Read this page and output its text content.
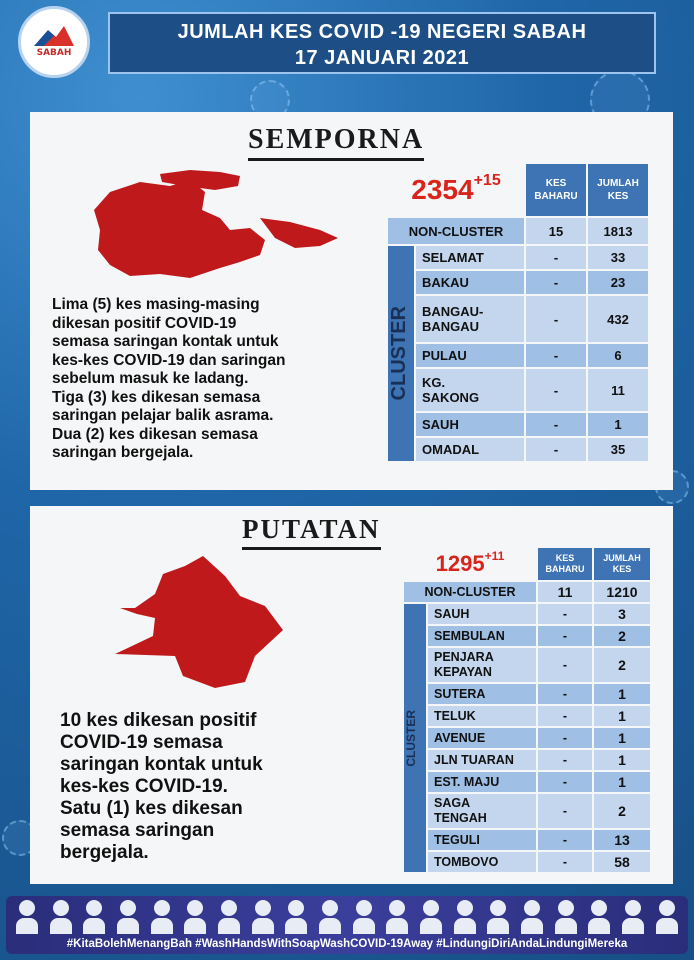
SABAH
JUMLAH KES COVID -19 NEGERI SABAH
17 JANUARI 2021
SEMPORNA
Lima (5) kes masing-masing
dikesan positif COVID-19
semasa saringan kontak untuk
kes-kes COVID-19 dan saringan
sebelum masuk ke ladang.
Tiga (3) kes dikesan semasa
saringan pelajar balik asrama.
Dua (2) kes dikesan semasa
saringan bergejala.
$2354^{+15}$		KES BAHARU	JUMLAH KES
NON-CLUSTER		15	1813

CLUSTER	SELAMAT	-	33
	BAKAU	-	23

	BANGAU-BANGAU	-	432
	PULAU	-	6

	KG. SAKONG	-	11
	SAUH	-	1
	OMADAL	-	35
PUTATAN
10 kes dikesan positif
COVID-19 semasa
saringan kontak untuk
kes-kes COVID-19.
Satu (1) kes dikesan
semasa saringan
bergejala.
$1295^{+11}$		KES BAHARU	JUMLAH KES
NON-CLUSTER		11	1210

CLUSTER	SAUH	-	3
	SEMBULAN	-	2

	PENJARA KEPAYAN	-	2
	SUTERA	-	1
	TELUK	-	1
	AVENUE	-	1
	JLN TUARAN	-	1
	EST. MAJU	-	1

	SAGA TENGAH	-	2
	TEGULI	-	13
	TOMBOVO	-	58
#KitaBolehMenangBah #WashHandsWithSoapWashCOVID-19Away #LindungiDiriAndaLindungiMereka
